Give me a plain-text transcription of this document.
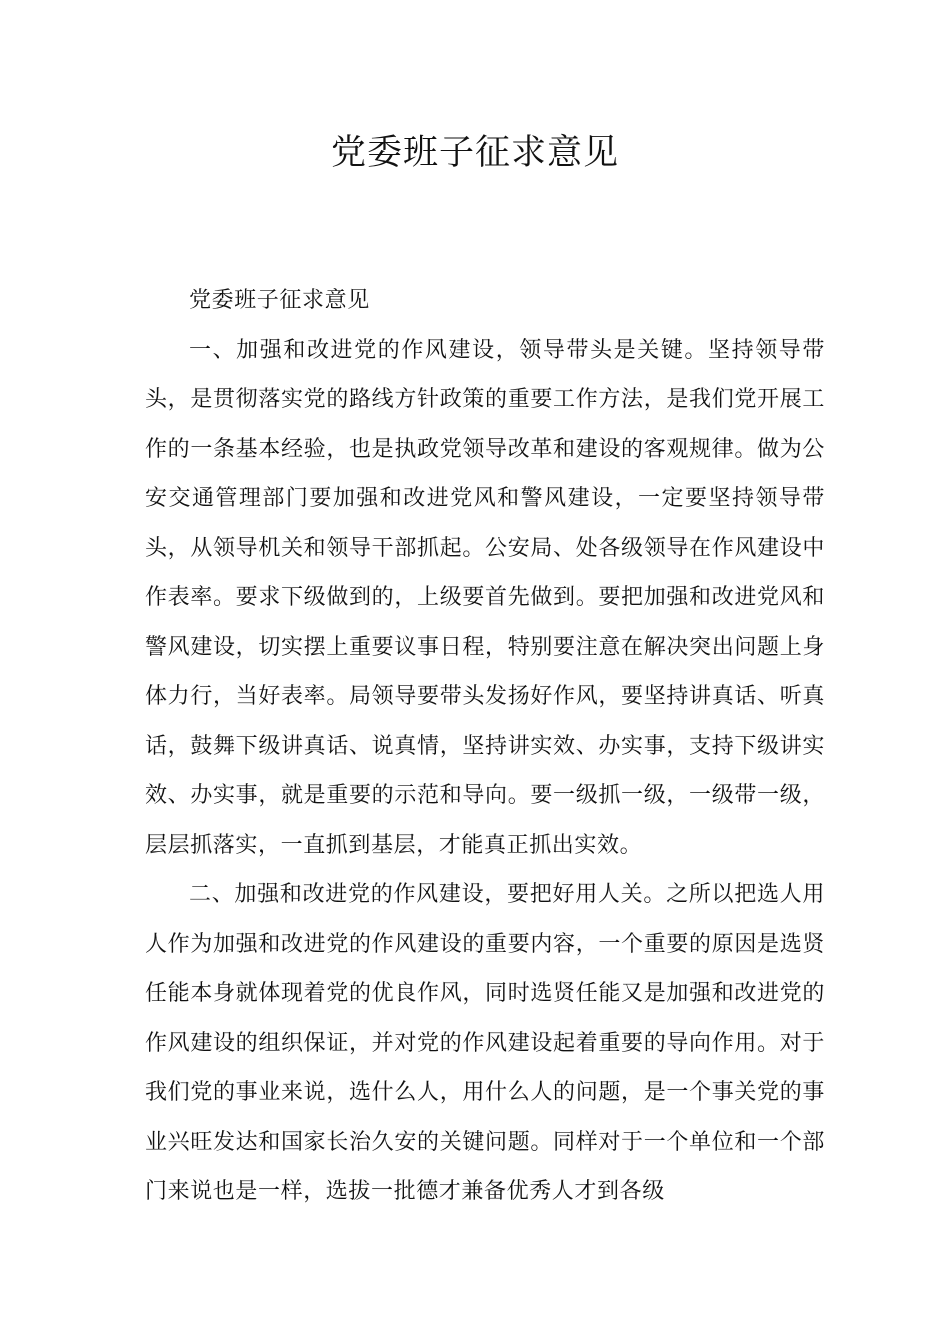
党委班子征求意见

党委班子征求意见

一、加强和改进党的作风建设，领导带头是关键。坚持领导带头，是贯彻落实党的路线方针政策的重要工作方法，是我们党开展工作的一条基本经验，也是执政党领导改革和建设的客观规律。做为公安交通管理部门要加强和改进党风和警风建设，一定要坚持领导带头，从领导机关和领导干部抓起。公安局、处各级领导在作风建设中作表率。要求下级做到的，上级要首先做到。要把加强和改进党风和警风建设，切实摆上重要议事日程，特别要注意在解决突出问题上身体力行，当好表率。局领导要带头发扬好作风，要坚持讲真话、听真话，鼓舞下级讲真话、说真情，坚持讲实效、办实事，支持下级讲实效、办实事，就是重要的示范和导向。要一级抓一级，一级带一级，层层抓落实，一直抓到基层，才能真正抓出实效。

二、加强和改进党的作风建设，要把好用人关。之所以把选人用人作为加强和改进党的作风建设的重要内容，一个重要的原因是选贤任能本身就体现着党的优良作风，同时选贤任能又是加强和改进党的作风建设的组织保证，并对党的作风建设起着重要的导向作用。对于我们党的事业来说，选什么人，用什么人的问题，是一个事关党的事业兴旺发达和国家长治久安的关键问题。同样对于一个单位和一个部门来说也是一样，选拔一批德才兼备优秀人才到各级
